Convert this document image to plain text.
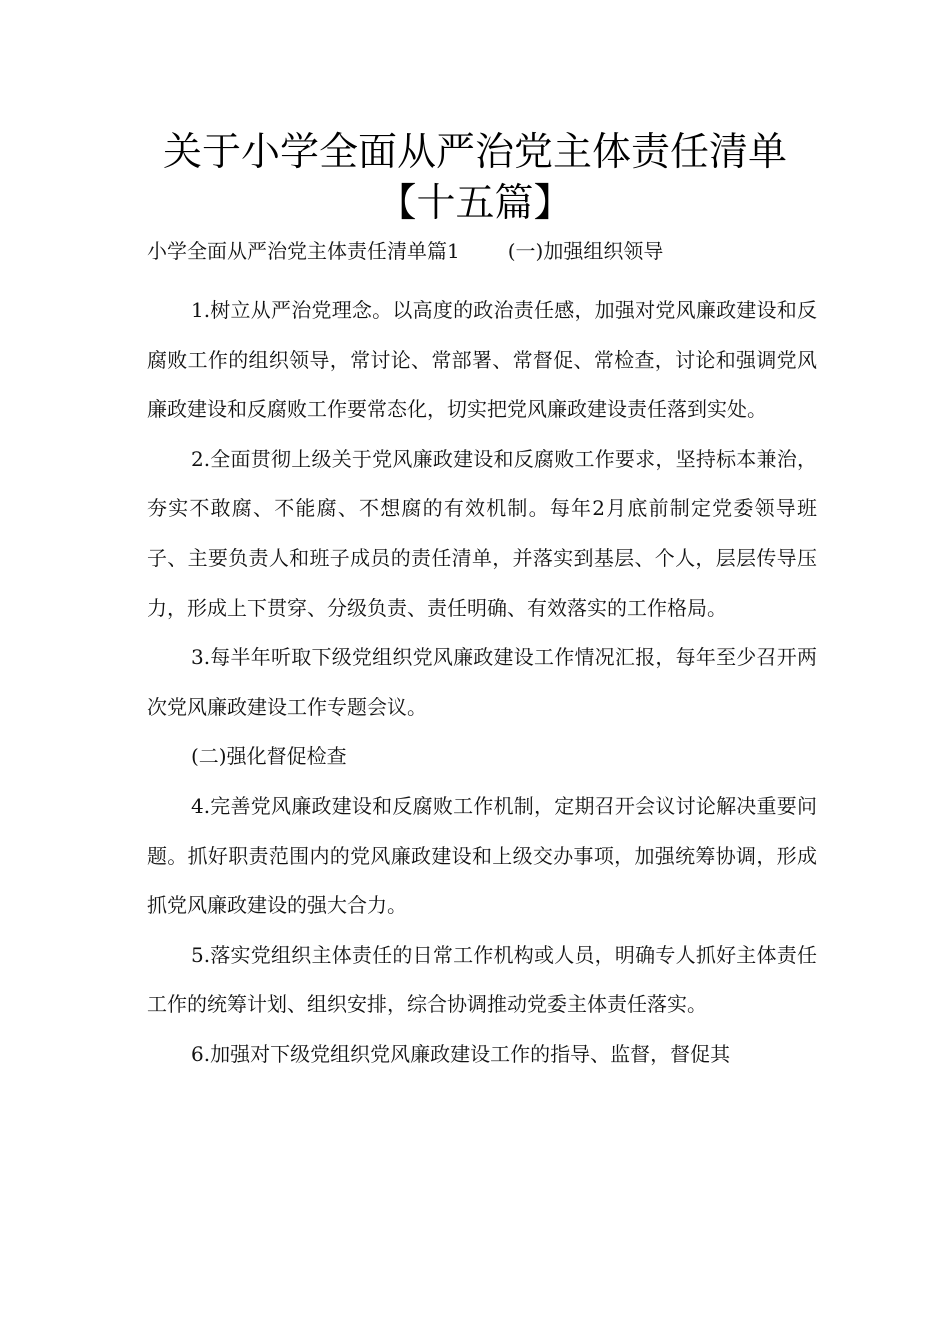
关于小学全面从严治党主体责任清单
【十五篇】
小学全面从严治党主体责任清单篇1 (一)加强组织领导

1.树立从严治党理念。以高度的政治责任感，加强对党风廉政建设和反腐败工作的组织领导，常讨论、常部署、常督促、常检查，讨论和强调党风廉政建设和反腐败工作要常态化，切实把党风廉政建设责任落到实处。

2.全面贯彻上级关于党风廉政建设和反腐败工作要求，坚持标本兼治，夯实不敢腐、不能腐、不想腐的有效机制。每年2月底前制定党委领导班子、主要负责人和班子成员的责任清单，并落实到基层、个人，层层传导压力，形成上下贯穿、分级负责、责任明确、有效落实的工作格局。

3.每半年听取下级党组织党风廉政建设工作情况汇报，每年至少召开两次党风廉政建设工作专题会议。

(二)强化督促检查

4.完善党风廉政建设和反腐败工作机制，定期召开会议讨论解决重要问题。抓好职责范围内的党风廉政建设和上级交办事项，加强统筹协调，形成抓党风廉政建设的强大合力。

5.落实党组织主体责任的日常工作机构或人员，明确专人抓好主体责任工作的统筹计划、组织安排，综合协调推动党委主体责任落实。

6.加强对下级党组织党风廉政建设工作的指导、监督，督促其
